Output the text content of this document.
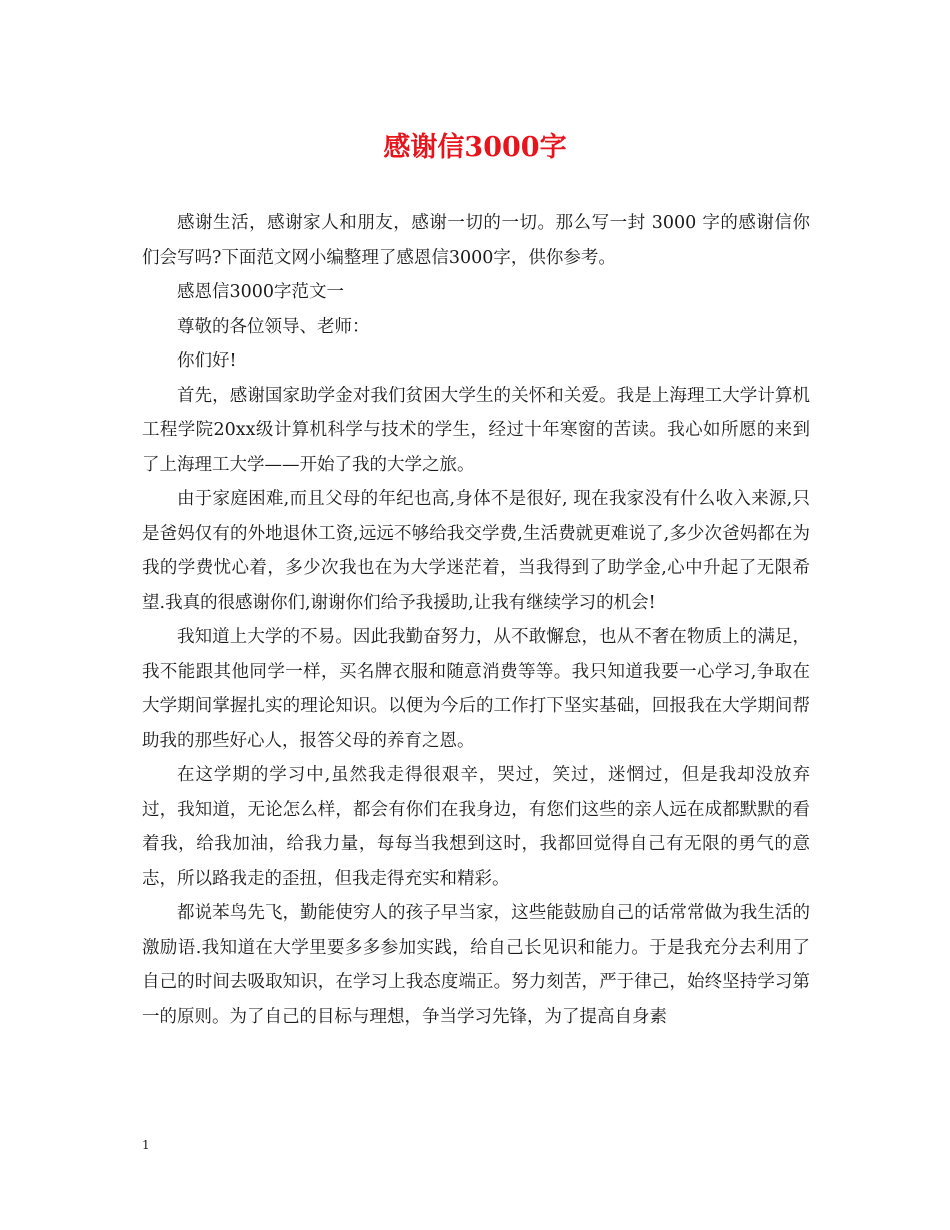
感谢信3000字

感谢生活，感谢家人和朋友，感谢一切的一切。那么写一封 3000 字的感谢信你们会写吗?下面范文网小编整理了感恩信3000字，供你参考。

感恩信3000字范文一

尊敬的各位领导、老师：

你们好!

首先，感谢国家助学金对我们贫困大学生的关怀和关爱。我是上海理工大学计算机工程学院20xx级计算机科学与技术的学生，经过十年寒窗的苦读。我心如所愿的来到了上海理工大学——开始了我的大学之旅。

由于家庭困难,而且父母的年纪也高,身体不是很好, 现在我家没有什么收入来源,只是爸妈仅有的外地退休工资,远远不够给我交学费,生活费就更难说了,多少次爸妈都在为我的学费忧心着，多少次我也在为大学迷茫着，当我得到了助学金,心中升起了无限希望.我真的很感谢你们,谢谢你们给予我援助,让我有继续学习的机会!

我知道上大学的不易。因此我勤奋努力，从不敢懈怠，也从不奢在物质上的满足，我不能跟其他同学一样，买名牌衣服和随意消费等等。我只知道我要一心学习,争取在大学期间掌握扎实的理论知识。以便为今后的工作打下坚实基础，回报我在大学期间帮助我的那些好心人，报答父母的养育之恩。

在这学期的学习中,虽然我走得很艰辛，哭过，笑过，迷惘过，但是我却没放弃过，我知道，无论怎么样，都会有你们在我身边，有您们这些的亲人远在成都默默的看着我，给我加油，给我力量，每每当我想到这时，我都回觉得自己有无限的勇气的意志，所以路我走的歪扭，但我走得充实和精彩。

都说苯鸟先飞，勤能使穷人的孩子早当家，这些能鼓励自己的话常常做为我生活的激励语.我知道在大学里要多多参加实践，给自己长见识和能力。于是我充分去利用了自己的时间去吸取知识，在学习上我态度端正。努力刻苦，严于律己，始终坚持学习第一的原则。为了自己的目标与理想，争当学习先锋，为了提高自身素

1
